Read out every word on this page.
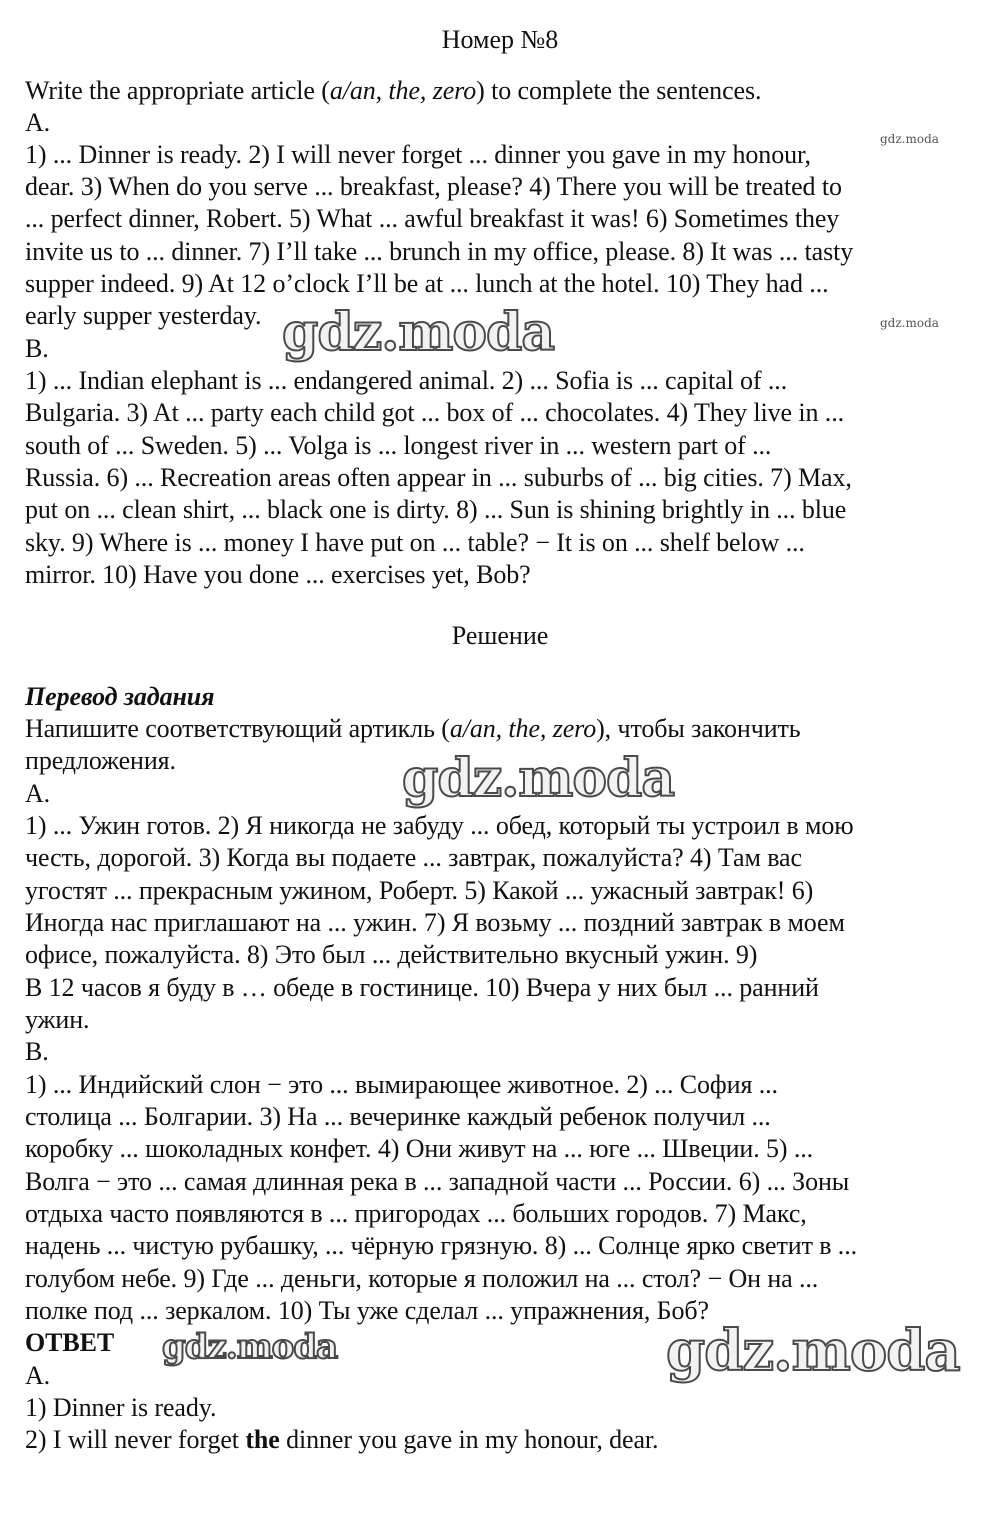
Номер №8
Write the appropriate article (a/an, the, zero) to complete the sentences.
A.
1) ... Dinner is ready. 2) I will never forget ... dinner you gave in my honour,
dear. 3) When do you serve ... breakfast, please? 4) There you will be treated to
... perfect dinner, Robert. 5) What ... awful breakfast it was! 6) Sometimes they
invite us to ... dinner. 7) I’ll take ... brunch in my office, please. 8) It was ... tasty
supper indeed. 9) At 12 o’clock I’ll be at ... lunch at the hotel. 10) They had ...
early supper yesterday.
B.
1) ... Indian elephant is ... endangered animal. 2) ... Sofia is ... capital of ...
Bulgaria. 3) At ... party each child got ... box of ... chocolates. 4) They live in ...
south of ... Sweden. 5) ... Volga is ... longest river in ... western part of ...
Russia. 6) ... Recreation areas often appear in ... suburbs of ... big cities. 7) Max,
put on ... clean shirt, ... black one is dirty. 8) ... Sun is shining brightly in ... blue
sky. 9) Where is ... money I have put on ... table? − It is on ... shelf below ...
mirror. 10) Have you done ... exercises yet, Bob?
Решение
Перевод задания
Напишите соответствующий артикль (a/an, the, zero), чтобы закончить
предложения.
A.
1) ... Ужин готов. 2) Я никогда не забуду ... обед, который ты устроил в мою
честь, дорогой. 3) Когда вы подаете ... завтрак, пожалуйста? 4) Там вас
угостят ... прекрасным ужином, Роберт. 5) Какой ... ужасный завтрак! 6)
Иногда нас приглашают на ... ужин. 7) Я возьму ... поздний завтрак в моем
офисе, пожалуйста. 8) Это был ... действительно вкусный ужин. 9)
В 12 часов я буду в … обеде в гостинице. 10) Вчера у них был ... ранний
ужин.
B.
1) ... Индийский слон − это ... вымирающее животное. 2) ... София ...
столица ... Болгарии. 3) На ... вечеринке каждый ребенок получил ...
коробку ... шоколадных конфет. 4) Они живут на ... юге ... Швеции. 5) ...
Волга − это ... самая длинная река в ... западной части ... России. 6) ... Зоны
отдыха часто появляются в ... пригородах ... больших городов. 7) Макс,
надень ... чистую рубашку, ... чёрную грязную. 8) ... Солнце ярко светит в ...
голубом небе. 9) Где ... деньги, которые я положил на ... стол? − Он на ...
полке под ... зеркалом. 10) Ты уже сделал ... упражнения, Боб?
ОТВЕТ
A.
1) Dinner is ready.
2) I will never forget the dinner you gave in my honour, dear.
gdz.moda
gdz.moda
gdz.moda
gdz.moda
gdz.moda	gdz.moda
